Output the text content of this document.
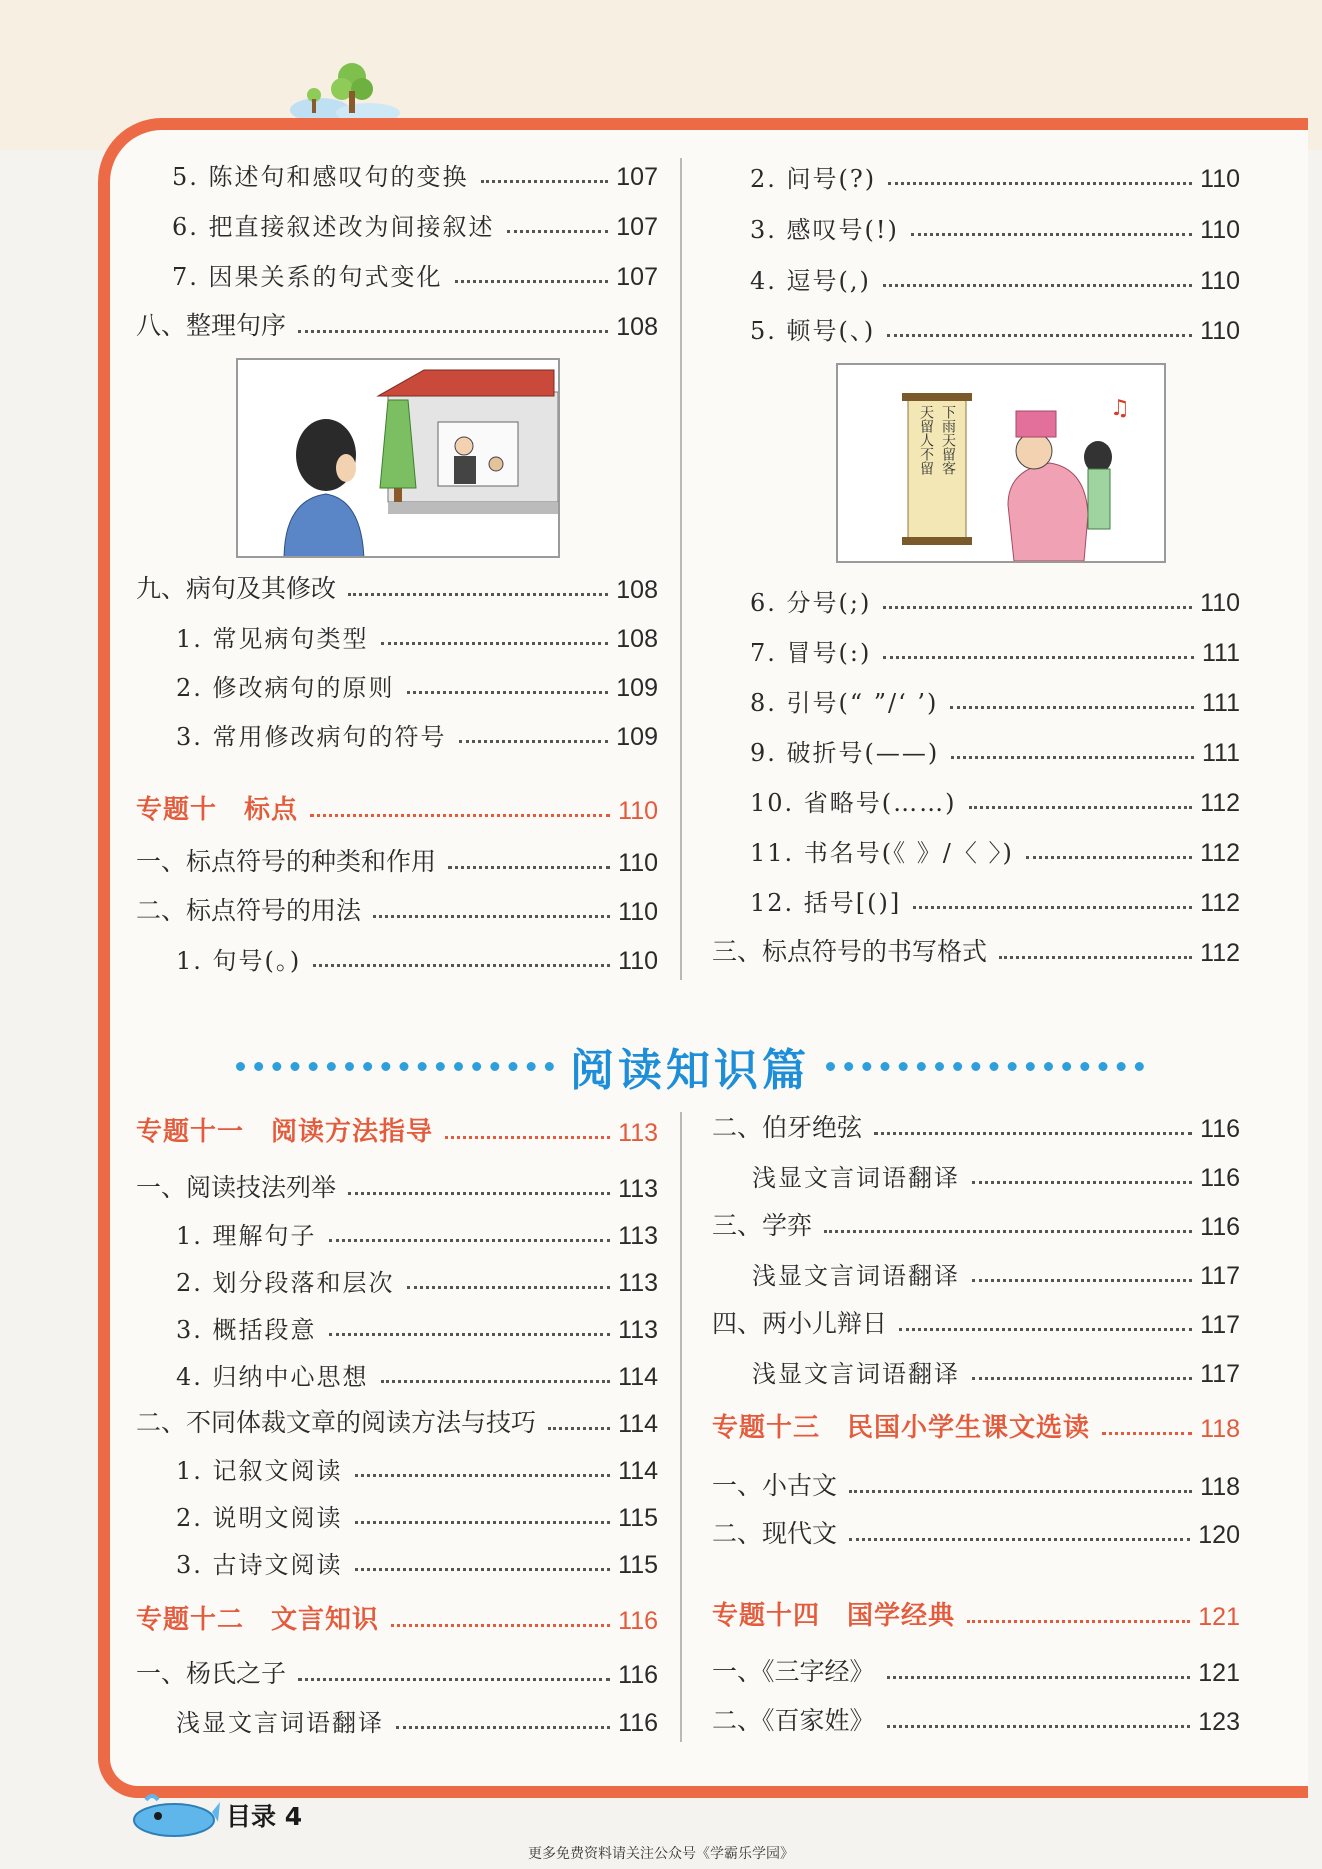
5. 陈述句和感叹句的变换	107
6. 把直接叙述改为间接叙述	107
7. 因果关系的句式变化	107
八、整理句序	108
九、病句及其修改	108
1. 常见病句类型	108
2. 修改病句的原则	109
3. 常用修改病句的符号	109
专题十　标点	110
一、标点符号的种类和作用	110
二、标点符号的用法	110
1. 句号(。)	110
2. 问号(?)	110
3. 感叹号(!)	110
4. 逗号(,)	110
5. 顿号(、)	110
♫
下雨天留客
天留人不留
6. 分号(;)	110
7. 冒号(:)	111
8. 引号(“ ”/‘ ’)	111
9. 破折号(——)	111
10. 省略号(……)	112
11. 书名号(《 》/〈 〉)	112
12. 括号[()]	112
三、标点符号的书写格式	112
阅读知识篇
专题十一　阅读方法指导	113
一、阅读技法列举	113
1. 理解句子	113
2. 划分段落和层次	113
3. 概括段意	113
4. 归纳中心思想	114
二、不同体裁文章的阅读方法与技巧	114
1. 记叙文阅读	114
2. 说明文阅读	115
3. 古诗文阅读	115
专题十二　文言知识	116
一、杨氏之子	116
浅显文言词语翻译	116
二、伯牙绝弦	116
浅显文言词语翻译	116
三、学弈	116
浅显文言词语翻译	117
四、两小儿辩日	117
浅显文言词语翻译	117
专题十三　民国小学生课文选读	118
一、小古文	118
二、现代文	120
专题十四　国学经典	121
一、《三字经》	121
二、《百家姓》	123
目录 4
更多免费资料请关注公众号《学霸乐学园》
